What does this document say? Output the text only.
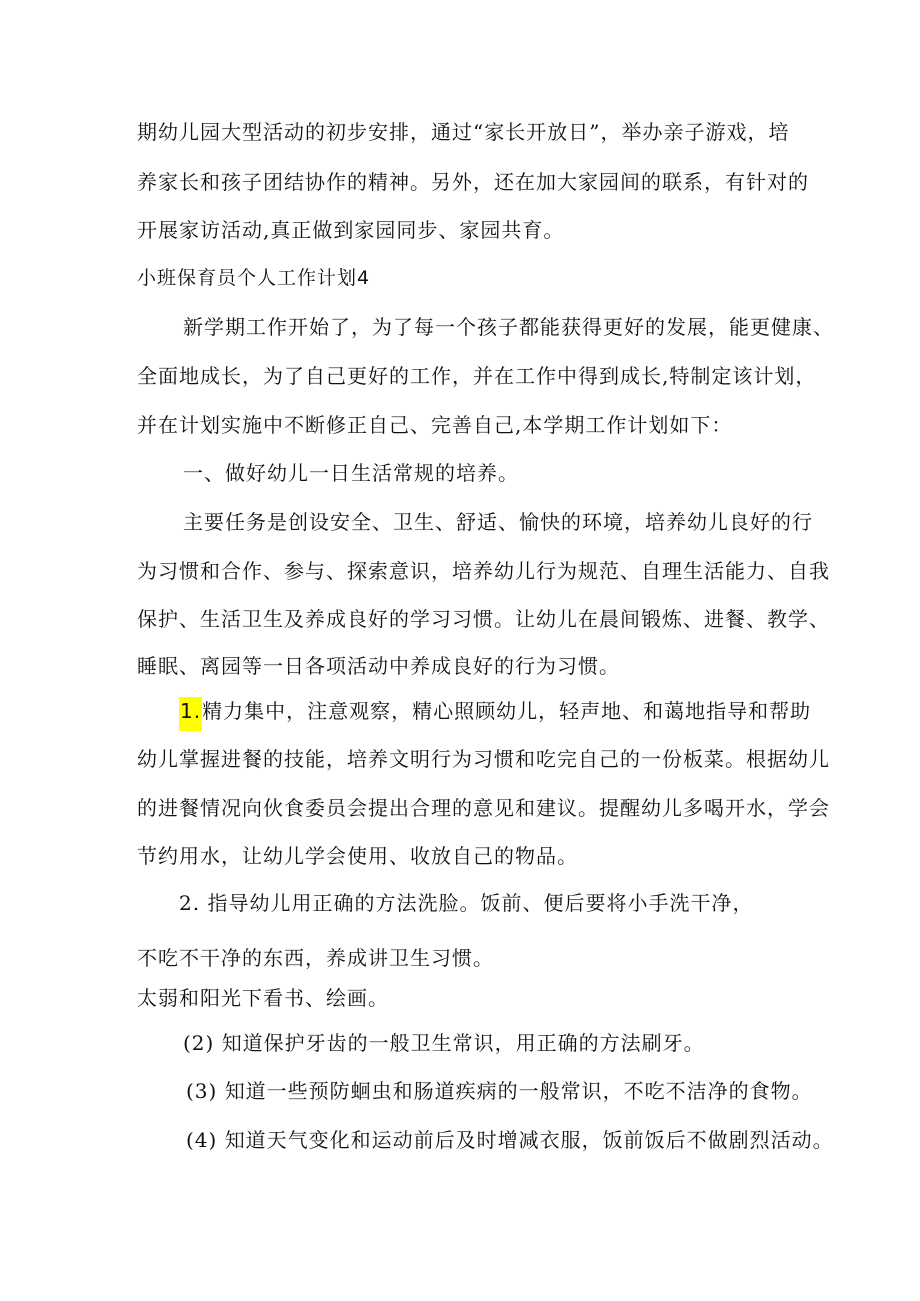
期幼儿园大型活动的初步安排，通过“家长开放日”，举办亲子游戏，培

养家长和孩子团结协作的精神。另外，还在加大家园间的联系，有针对的

开展家访活动,真正做到家园同步、家园共育。

小班保育员个人工作计划4

新学期工作开始了，为了每一个孩子都能获得更好的发展，能更健康、

全面地成长，为了自己更好的工作，并在工作中得到成长,特制定该计划，

并在计划实施中不断修正自己、完善自己,本学期工作计划如下：

一、做好幼儿一日生活常规的培养。

主要任务是创设安全、卫生、舒适、愉快的环境，培养幼儿良好的行

为习惯和合作、参与、探索意识，培养幼儿行为规范、自理生活能力、自我

保护、生活卫生及养成良好的学习习惯。让幼儿在晨间锻炼、进餐、教学、

睡眠、离园等一日各项活动中养成良好的行为习惯。

1.精力集中，注意观察，精心照顾幼儿，轻声地、和蔼地指导和帮助

幼儿掌握进餐的技能，培养文明行为习惯和吃完自己的一份板菜。根据幼儿

的进餐情况向伙食委员会提出合理的意见和建议。提醒幼儿多喝开水，学会

节约用水，让幼儿学会使用、收放自己的物品。

2. 指导幼儿用正确的方法洗脸。饭前、便后要将小手洗干净，

不吃不干净的东西，养成讲卫生习惯。

太弱和阳光下看书、绘画。

(2) 知道保护牙齿的一般卫生常识，用正确的方法刷牙。

(3) 知道一些预防蛔虫和肠道疾病的一般常识，不吃不洁净的食物。

(4) 知道天气变化和运动前后及时增减衣服，饭前饭后不做剧烈活动。
